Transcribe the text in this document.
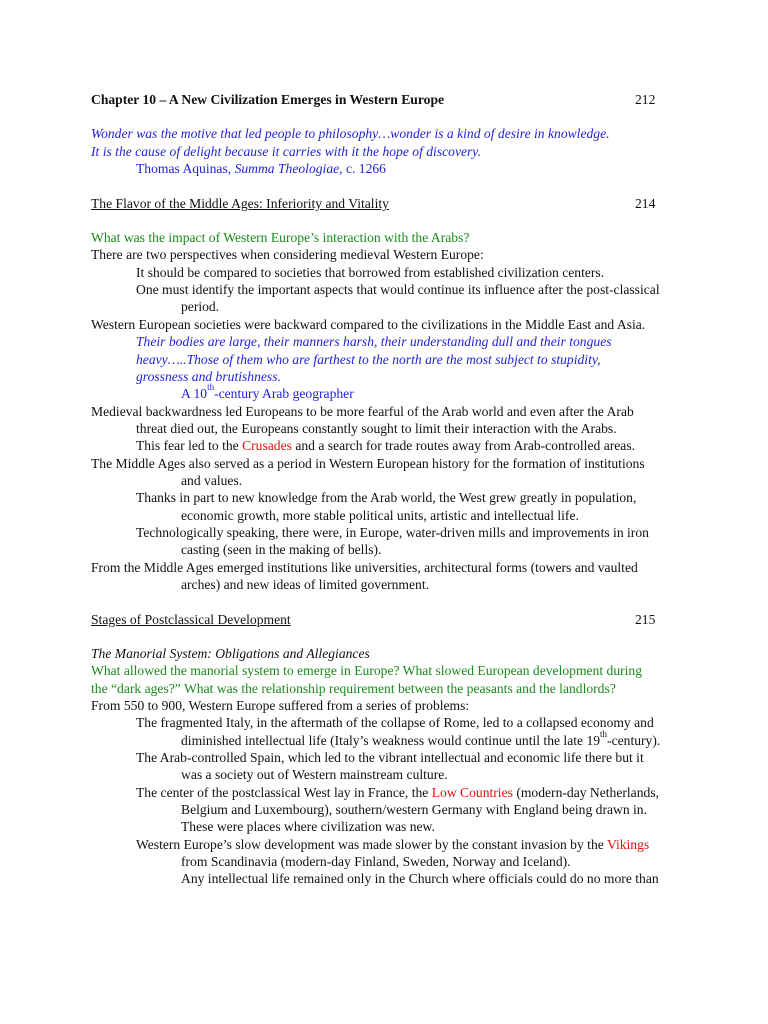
Chapter 10 – A New Civilization Emerges in Western Europe	212
Wonder was the motive that led people to philosophy…wonder is a kind of desire in knowledge.
It is the cause of delight because it carries with it the hope of discovery.
Thomas Aquinas, Summa Theologiae, c. 1266
The Flavor of the Middle Ages: Inferiority and Vitality	214
What was the impact of Western Europe’s interaction with the Arabs?
There are two perspectives when considering medieval Western Europe:
It should be compared to societies that borrowed from established civilization centers.
One must identify the important aspects that would continue its influence after the post-classical
period.
Western European societies were backward compared to the civilizations in the Middle East and Asia.
Their bodies are large, their manners harsh, their understanding dull and their tongues
heavy…..Those of them who are farthest to the north are the most subject to stupidity,
grossness and brutishness.
A 10th-century Arab geographer
Medieval backwardness led Europeans to be more fearful of the Arab world and even after the Arab
threat died out, the Europeans constantly sought to limit their interaction with the Arabs.
This fear led to the Crusades and a search for trade routes away from Arab-controlled areas.
The Middle Ages also served as a period in Western European history for the formation of institutions
and values.
Thanks in part to new knowledge from the Arab world, the West grew greatly in population,
economic growth, more stable political units, artistic and intellectual life.
Technologically speaking, there were, in Europe, water-driven mills and improvements in iron
casting (seen in the making of bells).
From the Middle Ages emerged institutions like universities, architectural forms (towers and vaulted
arches) and new ideas of limited government.
Stages of Postclassical Development	215
The Manorial System: Obligations and Allegiances
What allowed the manorial system to emerge in Europe? What slowed European development during
the “dark ages?” What was the relationship requirement between the peasants and the landlords?
From 550 to 900, Western Europe suffered from a series of problems:
The fragmented Italy, in the aftermath of the collapse of Rome, led to a collapsed economy and
diminished intellectual life (Italy’s weakness would continue until the late 19th-century).
The Arab-controlled Spain, which led to the vibrant intellectual and economic life there but it
was a society out of Western mainstream culture.
The center of the postclassical West lay in France, the Low Countries (modern-day Netherlands,
Belgium and Luxembourg), southern/western Germany with England being drawn in.
These were places where civilization was new.
Western Europe’s slow development was made slower by the constant invasion by the Vikings
from Scandinavia (modern-day Finland, Sweden, Norway and Iceland).
Any intellectual life remained only in the Church where officials could do no more than
